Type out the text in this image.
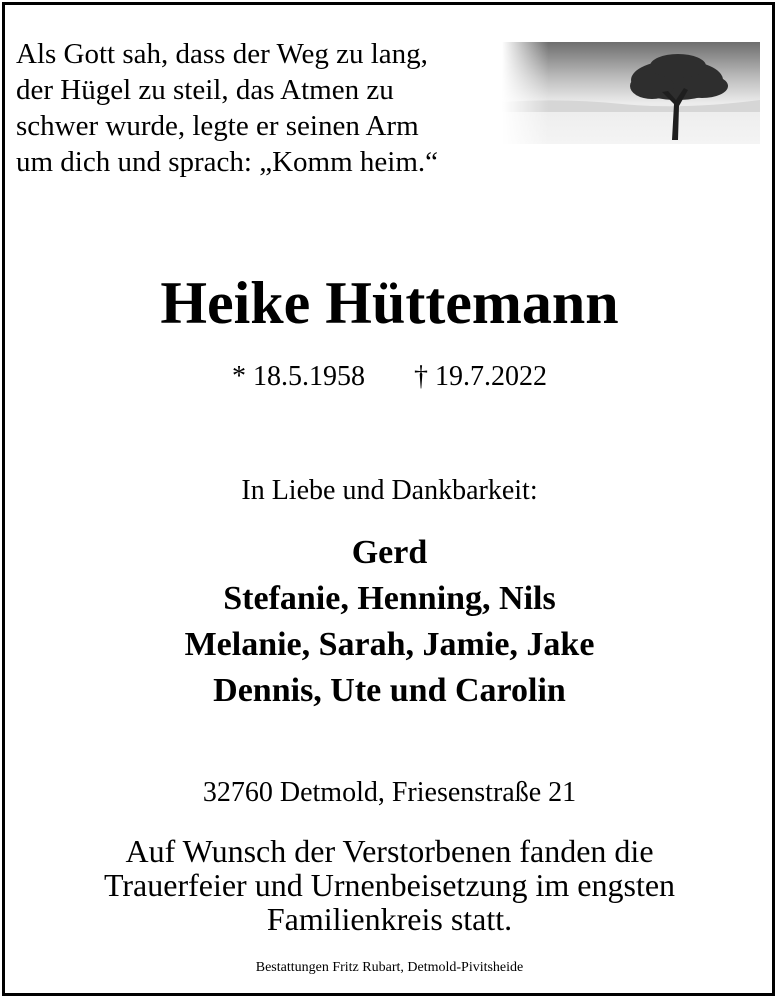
Als Gott sah, dass der Weg zu lang,
der Hügel zu steil, das Atmen zu
schwer wurde, legte er seinen Arm
um dich und sprach: „Komm heim.“
Heike Hüttemann
* 18.5.1958       † 19.7.2022
In Liebe und Dankbarkeit:
Gerd
Stefanie, Henning, Nils
Melanie, Sarah, Jamie, Jake
Dennis, Ute und Carolin
32760 Detmold, Friesenstraße 21
Auf Wunsch der Verstorbenen fanden die
Trauerfeier und Urnenbeisetzung im engsten
Familienkreis statt.
Bestattungen Fritz Rubart, Detmold-Pivitsheide
